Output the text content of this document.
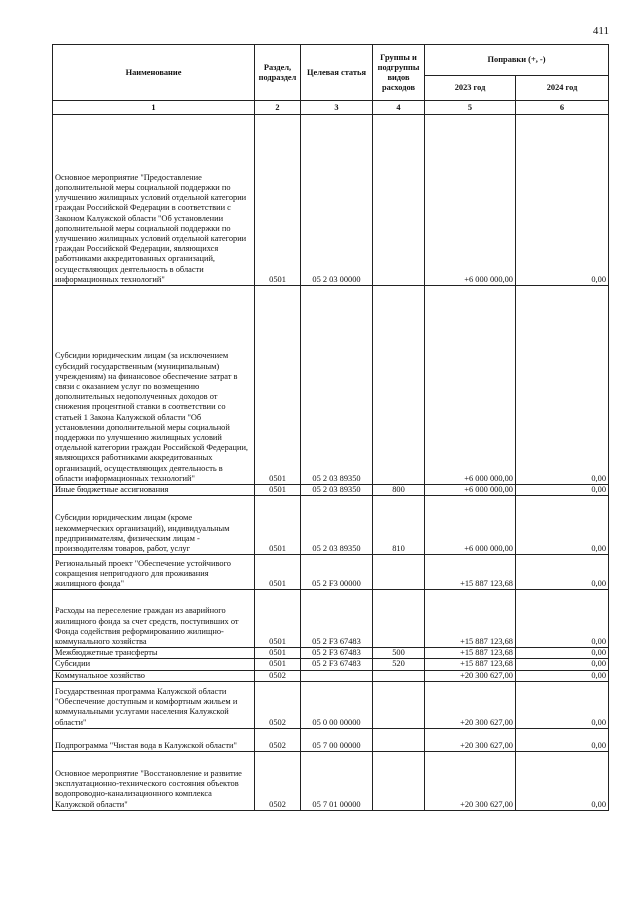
411
Наименование	Раздел, подраздел	Целевая статья	Группы и подгруппы видов расходов	Поправки (+, -)	
				2023 год	2024 год
1	2	3	4	5	6
Основное мероприятие "Предоставление дополнительной меры социальной поддержки по улучшению жилищных условий отдельной категории граждан Российской Федерации в соответствии с Законом Калужской области "Об установлении дополнительной меры социальной поддержки по улучшению жилищных условий отдельной категории граждан Российской Федерации, являющихся работниками аккредитованных организаций, осуществляющих деятельность в области информационных технологий"	0501	05 2 03 00000		+6 000 000,00	0,00
Субсидии юридическим лицам (за исключением субсидий государственным (муниципальным) учреждениям) на финансовое обеспечение затрат в связи с оказанием услуг по возмещению дополнительных недополученных доходов от снижения процентной ставки в соответствии со статьей 1 Закона Калужской области "Об установлении дополнительной меры социальной поддержки по улучшению жилищных условий отдельной категории граждан Российской Федерации, являющихся работниками аккредитованных организаций, осуществляющих деятельность в области информационных технологий"	0501	05 2 03 89350		+6 000 000,00	0,00
Иные бюджетные ассигнования	0501	05 2 03 89350	800	+6 000 000,00	0,00
Субсидии юридическим лицам (кроме некоммерческих организаций), индивидуальным предпринимателям, физическим лицам - производителям товаров, работ, услуг	0501	05 2 03 89350	810	+6 000 000,00	0,00
Региональный проект "Обеспечение устойчивого сокращения непригодного для проживания жилищного фонда"	0501	05 2 F3 00000		+15 887 123,68	0,00
Расходы на переселение граждан из аварийного жилищного фонда за счет средств, поступивших от Фонда содействия реформированию жилищно-коммунального хозяйства	0501	05 2 F3 67483		+15 887 123,68	0,00
Межбюджетные трансферты	0501	05 2 F3 67483	500	+15 887 123,68	0,00
Субсидии	0501	05 2 F3 67483	520	+15 887 123,68	0,00
Коммунальное хозяйство	0502			+20 300 627,00	0,00
Государственная программа Калужской области "Обеспечение доступным и комфортным жильем и коммунальными услугами населения Калужской области"	0502	05 0 00 00000		+20 300 627,00	0,00
Подпрограмма "Чистая вода в Калужской области"	0502	05 7 00 00000		+20 300 627,00	0,00
Основное мероприятие "Восстановление и развитие эксплуатационно-технического состояния объектов водопроводно-канализационного комплекса Калужской области"	0502	05 7 01 00000		+20 300 627,00	0,00
